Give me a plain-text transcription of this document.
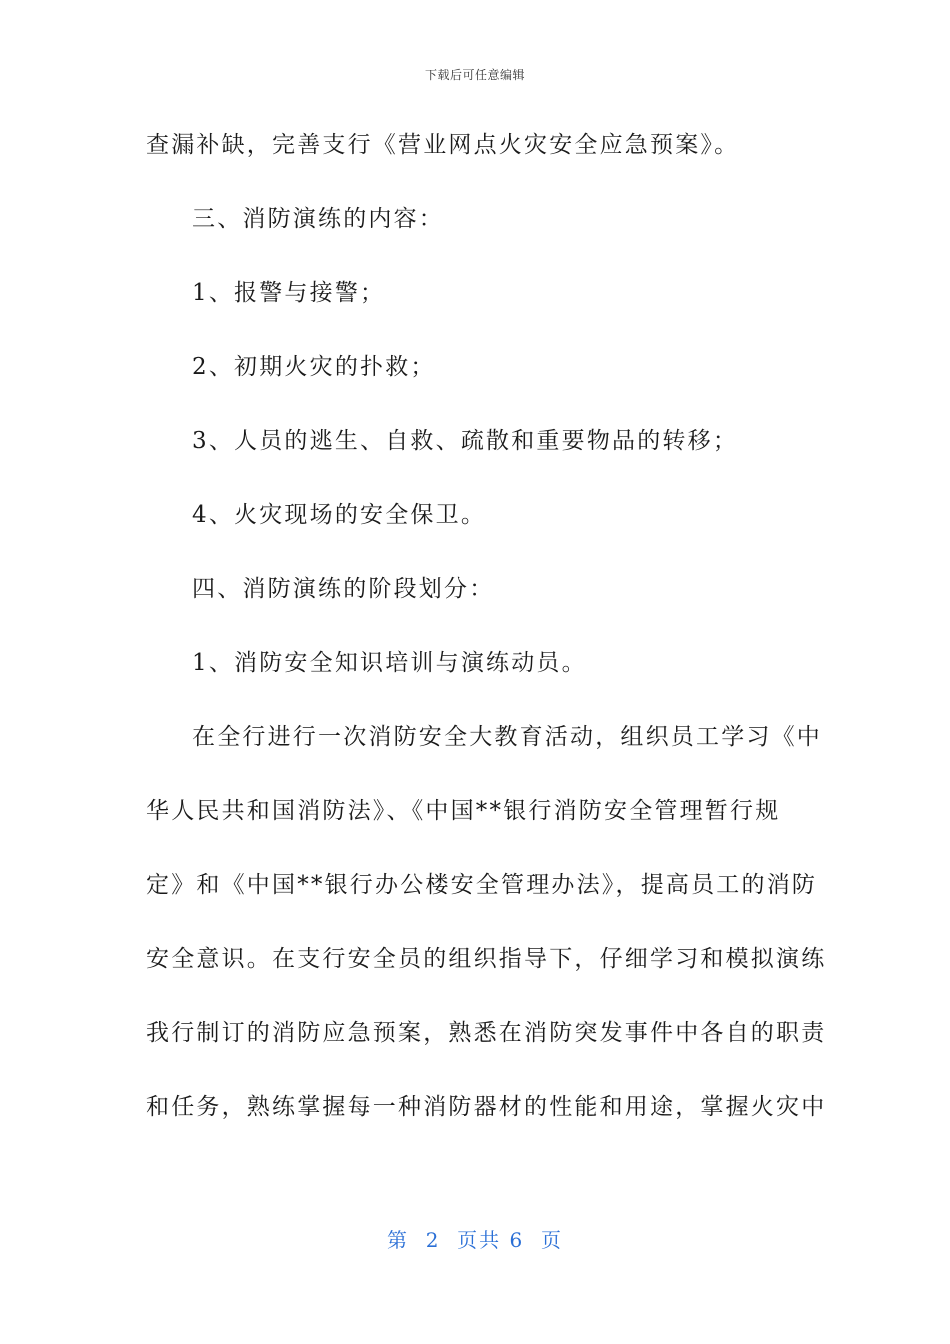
下载后可任意编辑
查漏补缺，完善支行《营业网点火灾安全应急预案》。
三、消防演练的内容：
1、报警与接警；
2、初期火灾的扑救；
3、人员的逃生、自救、疏散和重要物品的转移；
4、火灾现场的安全保卫。
四、消防演练的阶段划分：
1、消防安全知识培训与演练动员。
在全行进行一次消防安全大教育活动，组织员工学习《中
华人民共和国消防法》、《中国**银行消防安全管理暂行规
定》和《中国**银行办公楼安全管理办法》，提高员工的消防
安全意识。在支行安全员的组织指导下，仔细学习和模拟演练
我行制订的消防应急预案，熟悉在消防突发事件中各自的职责
和任务，熟练掌握每一种消防器材的性能和用途，掌握火灾中
第  2  页共 6  页
